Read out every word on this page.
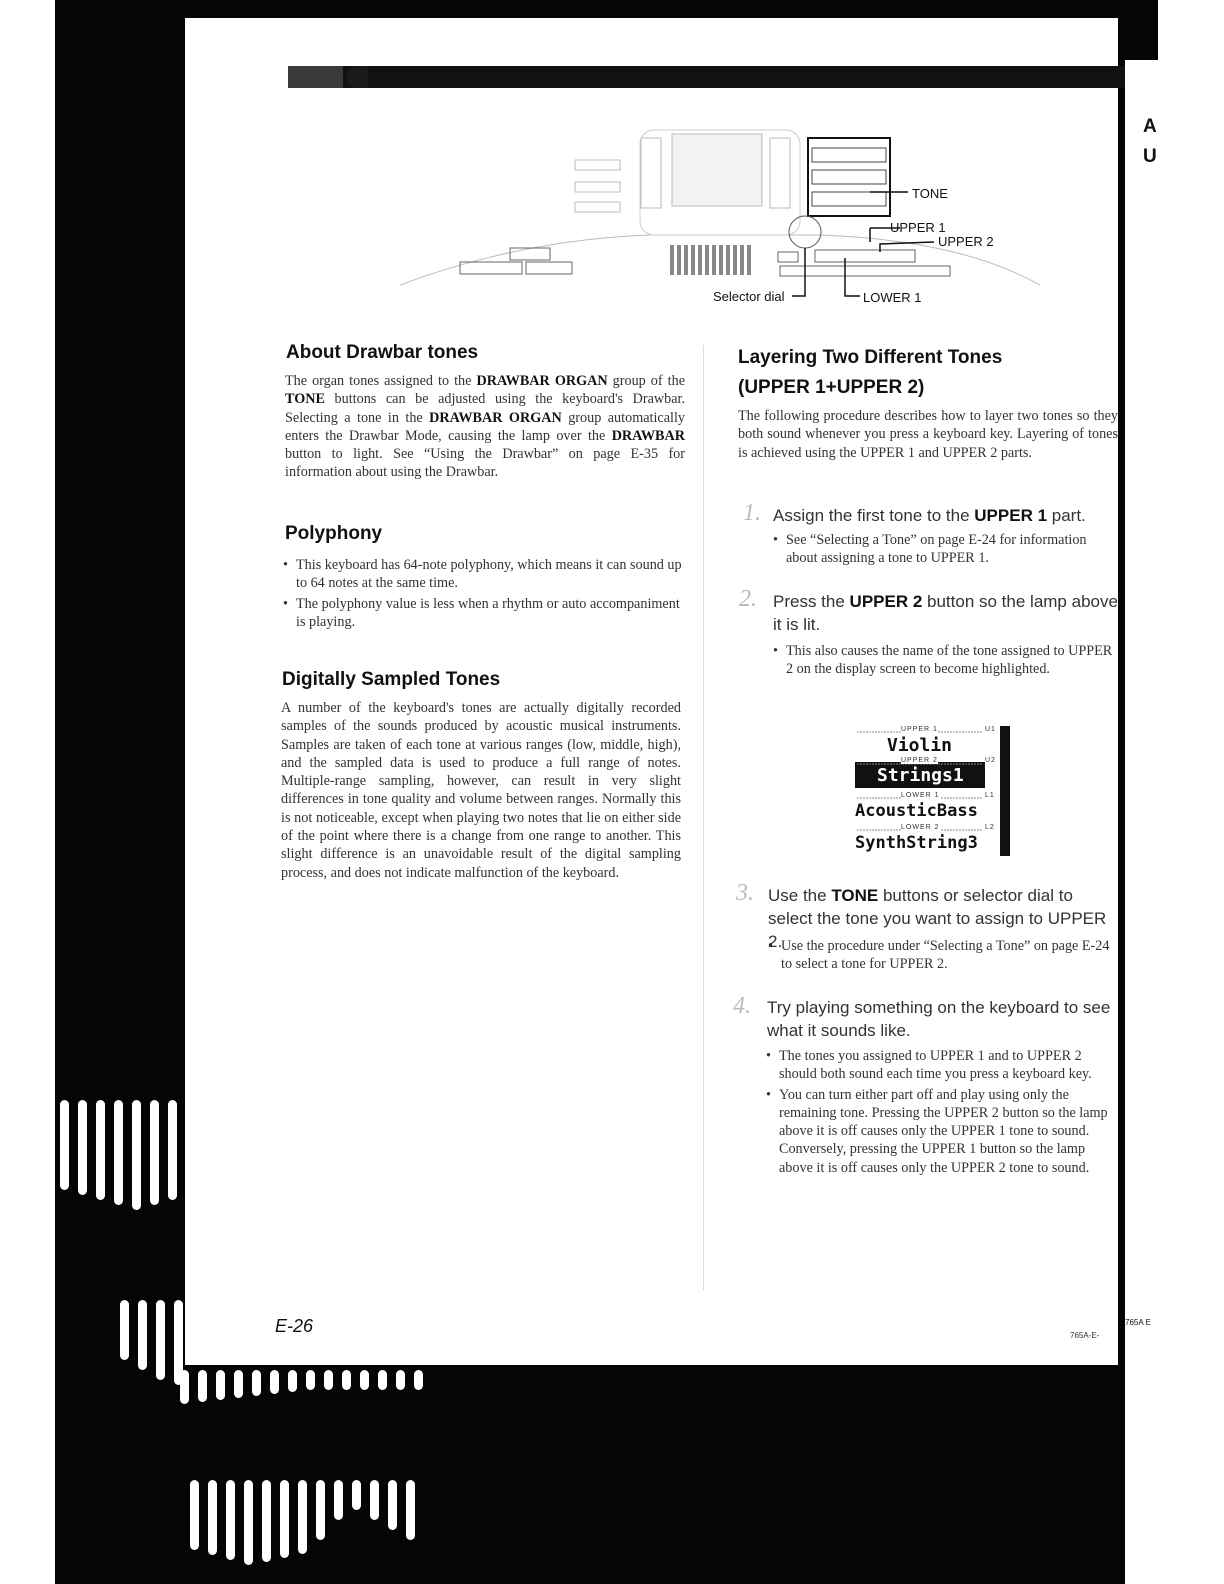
TONE
UPPER 1
UPPER 2
Selector dial	LOWER 1
About Drawbar tones
The organ tones assigned to the DRAWBAR ORGAN group of the TONE buttons can be adjusted using the keyboard's Drawbar. Selecting a tone in the DRAWBAR ORGAN group automatically enters the Drawbar Mode, causing the lamp over the DRAWBAR button to light. See “Using the Drawbar” on page E-35 for information about using the Drawbar.
Polyphony
• This keyboard has 64-note polyphony, which means it can sound up to 64 notes at the same time.
• The polyphony value is less when a rhythm or auto accompaniment is playing.
Digitally Sampled Tones
A number of the keyboard's tones are actually digitally recorded samples of the sounds produced by acoustic musical instruments. Samples are taken of each tone at various ranges (low, middle, high), and the sampled data is used to produce a full range of notes. Multiple-range sampling, however, can result in very slight differences in tone quality and volume between ranges. Normally this is not noticeable, except when playing two notes that lie on either side of the point where there is a change from one range to another. This slight difference is an unavoidable result of the digital sampling process, and does not indicate malfunction of the keyboard.
Layering Two Different Tones
(UPPER 1+UPPER 2)
The following procedure describes how to layer two tones so they both sound whenever you press a keyboard key. Layering of tones is achieved using the UPPER 1 and UPPER 2 parts.
1. Assign the first tone to the UPPER 1 part.
• See “Selecting a Tone” on page E-24 for information about assigning a tone to UPPER 1.
2. Press the UPPER 2 button so the lamp above it is lit.
• This also causes the name of the tone assigned to UPPER 2 on the display screen to become highlighted.
UPPER 1	U1
Violin
UPPER 2	U2
Strings1
LOWER 1	L1
AcousticBass
LOWER 2	L2
SynthString3
3. Use the TONE buttons or selector dial to select the tone you want to assign to UPPER 2.
• Use the procedure under “Selecting a Tone” on page E-24 to select a tone for UPPER 2.
4. Try playing something on the keyboard to see what it sounds like.
• The tones you assigned to UPPER 1 and to UPPER 2 should both sound each time you press a keyboard key.
• You can turn either part off and play using only the remaining tone. Pressing the UPPER 2 button so the lamp above it is off causes only the UPPER 1 tone to sound. Conversely, pressing the UPPER 1 button so the lamp above it is off causes only the UPPER 2 tone to sound.
E-26	765A-E-
A
U
765A E
